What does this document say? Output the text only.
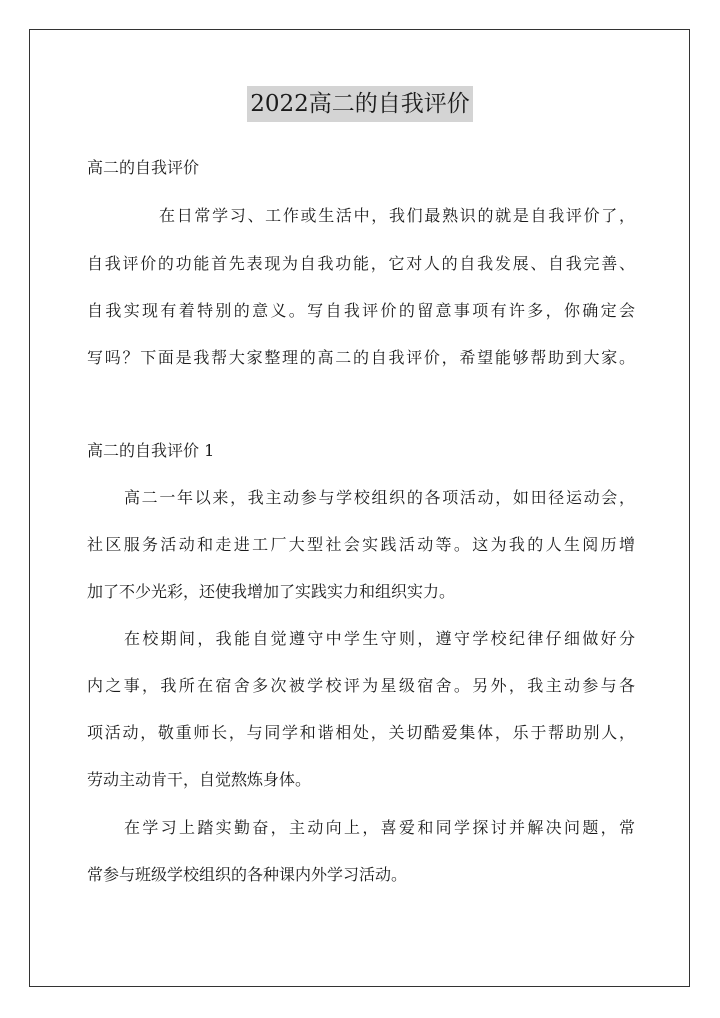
2022高二的自我评价
高二的自我评价
在日常学习、工作或生活中，我们最熟识的就是自我评价了，
自我评价的功能首先表现为自我功能，它对人的自我发展、自我完善、
自我实现有着特别的意义。写自我评价的留意事项有许多，你确定会
写吗？下面是我帮大家整理的高二的自我评价，希望能够帮助到大家。
高二的自我评价 1
高二一年以来，我主动参与学校组织的各项活动，如田径运动会，
社区服务活动和走进工厂大型社会实践活动等。这为我的人生阅历增
加了不少光彩，还使我增加了实践实力和组织实力。
在校期间，我能自觉遵守中学生守则，遵守学校纪律仔细做好分
内之事，我所在宿舍多次被学校评为星级宿舍。另外，我主动参与各
项活动，敬重师长，与同学和谐相处，关切酷爱集体，乐于帮助别人，
劳动主动肯干，自觉熬炼身体。
在学习上踏实勤奋，主动向上，喜爱和同学探讨并解决问题，常
常参与班级学校组织的各种课内外学习活动。
